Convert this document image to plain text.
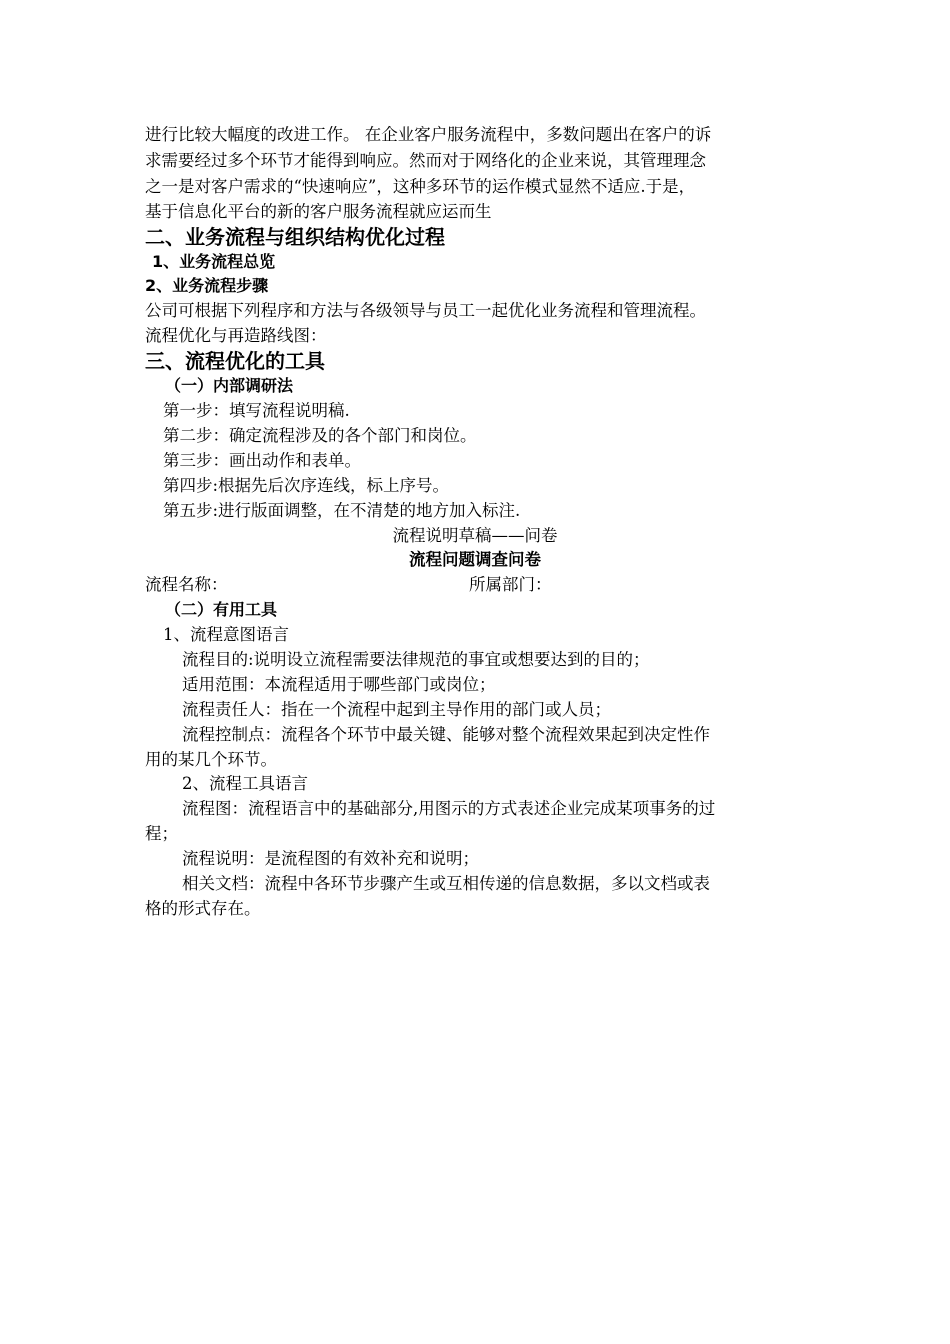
进行比较大幅度的改进工作。 在企业客户服务流程中，多数问题出在客户的诉
求需要经过多个环节才能得到响应。然而对于网络化的企业来说，其管理理念
之一是对客户需求的“快速响应”，这种多环节的运作模式显然不适应.于是，
基于信息化平台的新的客户服务流程就应运而生
二、业务流程与组织结构优化过程
1、业务流程总览
2、业务流程步骤
公司可根据下列程序和方法与各级领导与员工一起优化业务流程和管理流程。
流程优化与再造路线图：
三、流程优化的工具
（一）内部调研法
第一步：填写流程说明稿.
第二步：确定流程涉及的各个部门和岗位。
第三步：画出动作和表单。
第四步:根据先后次序连线，标上序号。
第五步:进行版面调整，在不清楚的地方加入标注.
流程说明草稿——问卷
流程问题调查问卷
流程名称：	所属部门：
（二）有用工具
1、流程意图语言
流程目的:说明设立流程需要法律规范的事宜或想要达到的目的；
适用范围：本流程适用于哪些部门或岗位；
流程责任人：指在一个流程中起到主导作用的部门或人员；
流程控制点：流程各个环节中最关键、能够对整个流程效果起到决定性作
用的某几个环节。
2、流程工具语言
流程图：流程语言中的基础部分,用图示的方式表述企业完成某项事务的过
程；
流程说明：是流程图的有效补充和说明；
相关文档：流程中各环节步骤产生或互相传递的信息数据，多以文档或表
格的形式存在。
